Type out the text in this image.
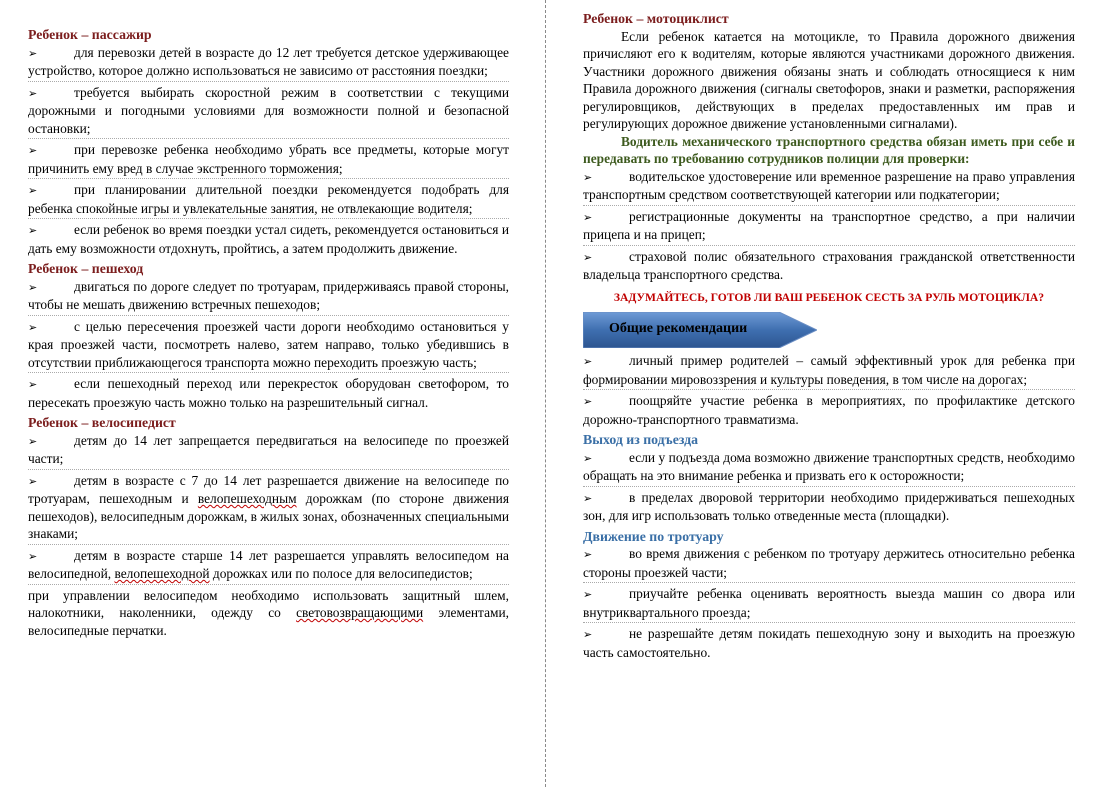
Ребенок – пассажир
➢	для перевозки детей в возрасте до 12 лет требуется детское удерживающее устройство, которое должно использоваться не зависимо от расстояния поездки;
➢	требуется выбирать скоростной режим в соответствии с текущими дорожными и погодными условиями для возможности полной и безопасной остановки;
➢	при перевозке ребенка необходимо убрать все предметы, которые могут причинить ему вред в случае экстренного торможения;
➢	при планировании длительной поездки рекомендуется подобрать для ребенка спокойные игры и увлекательные занятия, не отвлекающие водителя;
➢	если ребенок во время поездки устал сидеть, рекомендуется остановиться и дать ему возможности отдохнуть, пройтись, а затем продолжить движение.
Ребенок – пешеход
➢	двигаться по дороге следует по тротуарам, придерживаясь правой стороны, чтобы не мешать движению встречных пешеходов;
➢	с целью пересечения проезжей части дороги необходимо остановиться у края проезжей части, посмотреть налево, затем направо, только убедившись в отсутствии приближающегося транспорта можно переходить проезжую часть;
➢	если пешеходный переход или перекресток оборудован светофором, то пересекать проезжую часть можно только на разрешительный сигнал.
Ребенок – велосипедист
➢	детям до 14 лет запрещается передвигаться на велосипеде по проезжей части;
➢	детям в возрасте с 7 до 14 лет разрешается движение на велосипеде по тротуарам, пешеходным и велопешеходным дорожкам (по стороне движения пешеходов), велосипедным дорожкам, в жилых зонах, обозначенных специальными знаками;
➢	детям в возрасте старше 14 лет разрешается управлять велосипедом на велосипедной, велопешеходной дорожках или по полосе для велосипедистов;
при управлении велосипедом необходимо использовать защитный шлем, налокотники, наколенники, одежду со световозвращающими элементами, велосипедные перчатки.
Ребенок – мотоциклист
Если ребенок катается на мотоцикле, то Правила дорожного движения причисляют его к водителям, которые являются участниками дорожного движения. Участники дорожного движения обязаны знать и соблюдать относящиеся к ним Правила дорожного движения (сигналы светофоров, знаки и разметки, распоряжения регулировщиков, действующих в пределах предоставленных им прав и регулирующих дорожное движение установленными сигналами).
Водитель механического транспортного средства обязан иметь при себе и передавать по требованию сотрудников полиции для проверки:
➢	водительское удостоверение или временное разрешение на право управления транспортным средством соответствующей категории или подкатегории;
➢	регистрационные документы на транспортное средство, а при наличии прицепа и на прицеп;
➢	страховой полис обязательного страхования гражданской ответственности владельца транспортного средства.
ЗАДУМАЙТЕСЬ, ГОТОВ ЛИ ВАШ РЕБЕНОК СЕСТЬ ЗА РУЛЬ МОТОЦИКЛА?
Общие рекомендации
➢	личный пример родителей – самый эффективный урок для ребенка при формировании мировоззрения и культуры поведения, в том числе на дорогах;
➢	поощряйте участие ребенка в мероприятиях, по профилактике детского дорожно-транспортного травматизма.
Выход из подъезда
➢	если у подъезда дома возможно движение транспортных средств, необходимо обращать на это внимание ребенка и призвать его к осторожности;
➢	в пределах дворовой территории необходимо придерживаться пешеходных зон, для игр использовать только отведенные места (площадки).
Движение по тротуару
➢	во время движения с ребенком по тротуару держитесь относительно ребенка стороны проезжей части;
➢	приучайте ребенка оценивать вероятность выезда машин со двора или внутриквартального проезда;
➢	не разрешайте детям покидать пешеходную зону и выходить на проезжую часть самостоятельно.
